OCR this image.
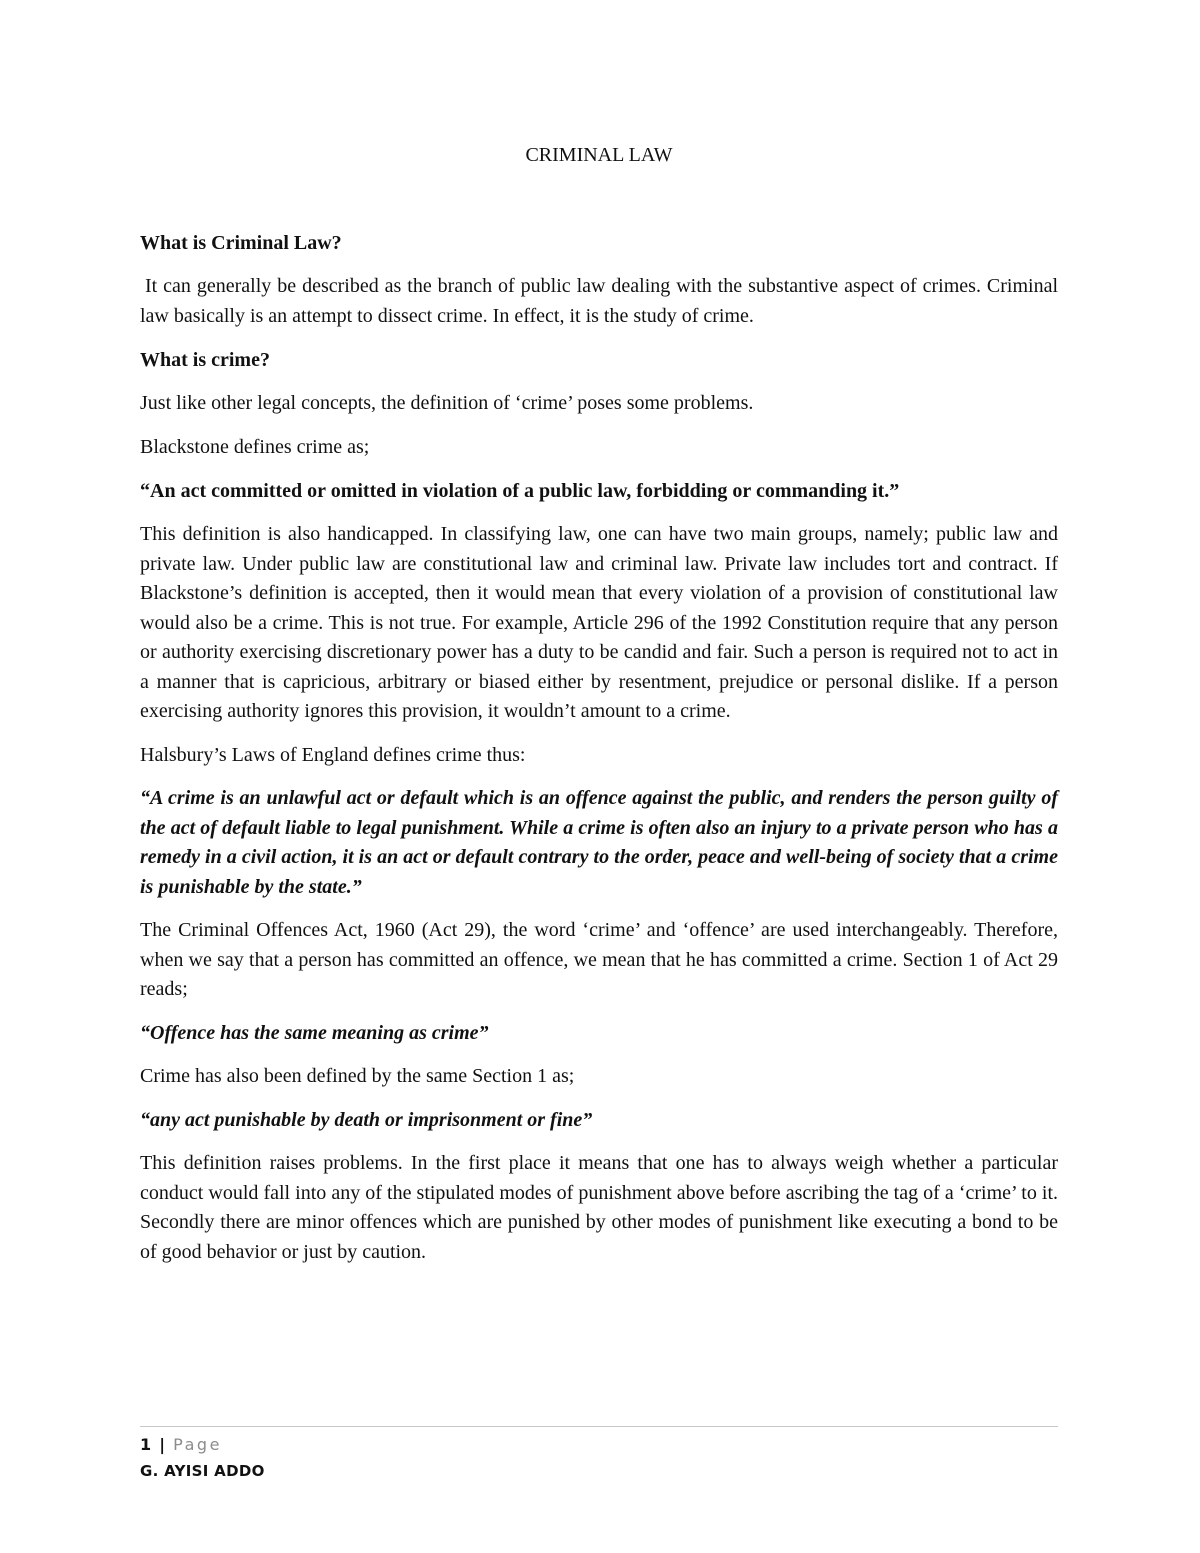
CRIMINAL LAW
What is Criminal Law?

It can generally be described as the branch of public law dealing with the substantive aspect of crimes. Criminal law basically is an attempt to dissect crime. In effect, it is the study of crime.

What is crime?

Just like other legal concepts, the definition of ‘crime’ poses some problems.

Blackstone defines crime as;

“An act committed or omitted in violation of a public law, forbidding or commanding it.”

This definition is also handicapped. In classifying law, one can have two main groups, namely; public law and private law. Under public law are constitutional law and criminal law. Private law includes tort and contract. If Blackstone’s definition is accepted, then it would mean that every violation of a provision of constitutional law would also be a crime. This is not true. For example, Article 296 of the 1992 Constitution require that any person or authority exercising discretionary power has a duty to be candid and fair. Such a person is required not to act in a manner that is capricious, arbitrary or biased either by resentment, prejudice or personal dislike. If a person exercising authority ignores this provision, it wouldn’t amount to a crime.

Halsbury’s Laws of England defines crime thus:

“A crime is an unlawful act or default which is an offence against the public, and renders the person guilty of the act of default liable to legal punishment. While a crime is often also an injury to a private person who has a remedy in a civil action, it is an act or default contrary to the order, peace and well-being of society that a crime is punishable by the state.”

The Criminal Offences Act, 1960 (Act 29), the word ‘crime’ and ‘offence’ are used interchangeably. Therefore, when we say that a person has committed an offence, we mean that he has committed a crime. Section 1 of Act 29 reads;

“Offence has the same meaning as crime”

Crime has also been defined by the same Section 1 as;

“any act punishable by death or imprisonment or fine”

This definition raises problems. In the first place it means that one has to always weigh whether a particular conduct would fall into any of the stipulated modes of punishment above before ascribing the tag of a ‘crime’ to it. Secondly there are minor offences which are punished by other modes of punishment like executing a bond to be of good behavior or just by caution.

1 | Page
G. AYISI ADDO
